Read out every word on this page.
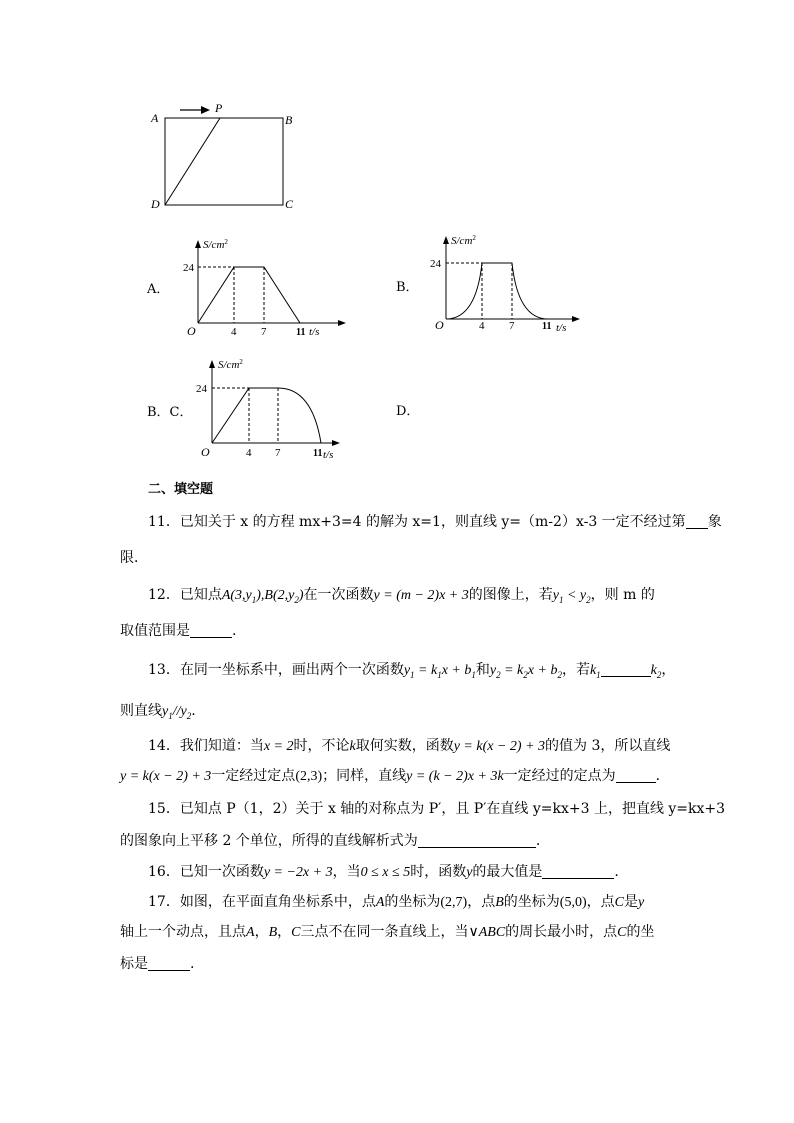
A
P
B
D	C
A．
$S/cm^2$
24
O	4 7	11 t/s
B．
$S/cm^2$
24
O	4 7	11 t/s
B．C．
$S/cm^2$
24
O	4 7	11 t/s
D．
二、填空题
11．已知关于 x 的方程 mx+3=4 的解为 x=1，则直线 y=（m-2）x-3 一定不经过第 象
限．
12．已知点$A(3,y_1),B(2,y_2)$在一次函数y = (m − 2)x + 3的图像上，若$y_1 < y_2$，则 m 的
取值范围是	.
13．在同一坐标系中，画出两个一次函数$y_1 = k_1x + b_1$和$y_2 = k_2x + b_2$，若$k_1$	$k_2$，
则直线$y_1//y_2$.
14．我们知道：当x = 2时，不论k取何实数，函数y = k(x − 2) + 3的值为 3，所以直线
y = k(x − 2) + 3一定经过定点(2,3)；同样，直线y = (k − 2)x + 3k一定经过的定点为	.
15．已知点 P（1，2）关于 x 轴的对称点为 P′，且 P′在直线 y=kx+3 上，把直线 y=kx+3
的图象向上平移 2 个单位，所得的直线解析式为	.
16．已知一次函数y = −2x + 3，当0 ≤ x ≤ 5时，函数y的最大值是	.
17．如图，在平面直角坐标系中，点A的坐标为(2,7)，点B的坐标为(5,0)，点C是y
轴上一个动点，且点A，B，C三点不在同一条直线上，当∨ABC的周长最小时，点C的坐
标是	.
